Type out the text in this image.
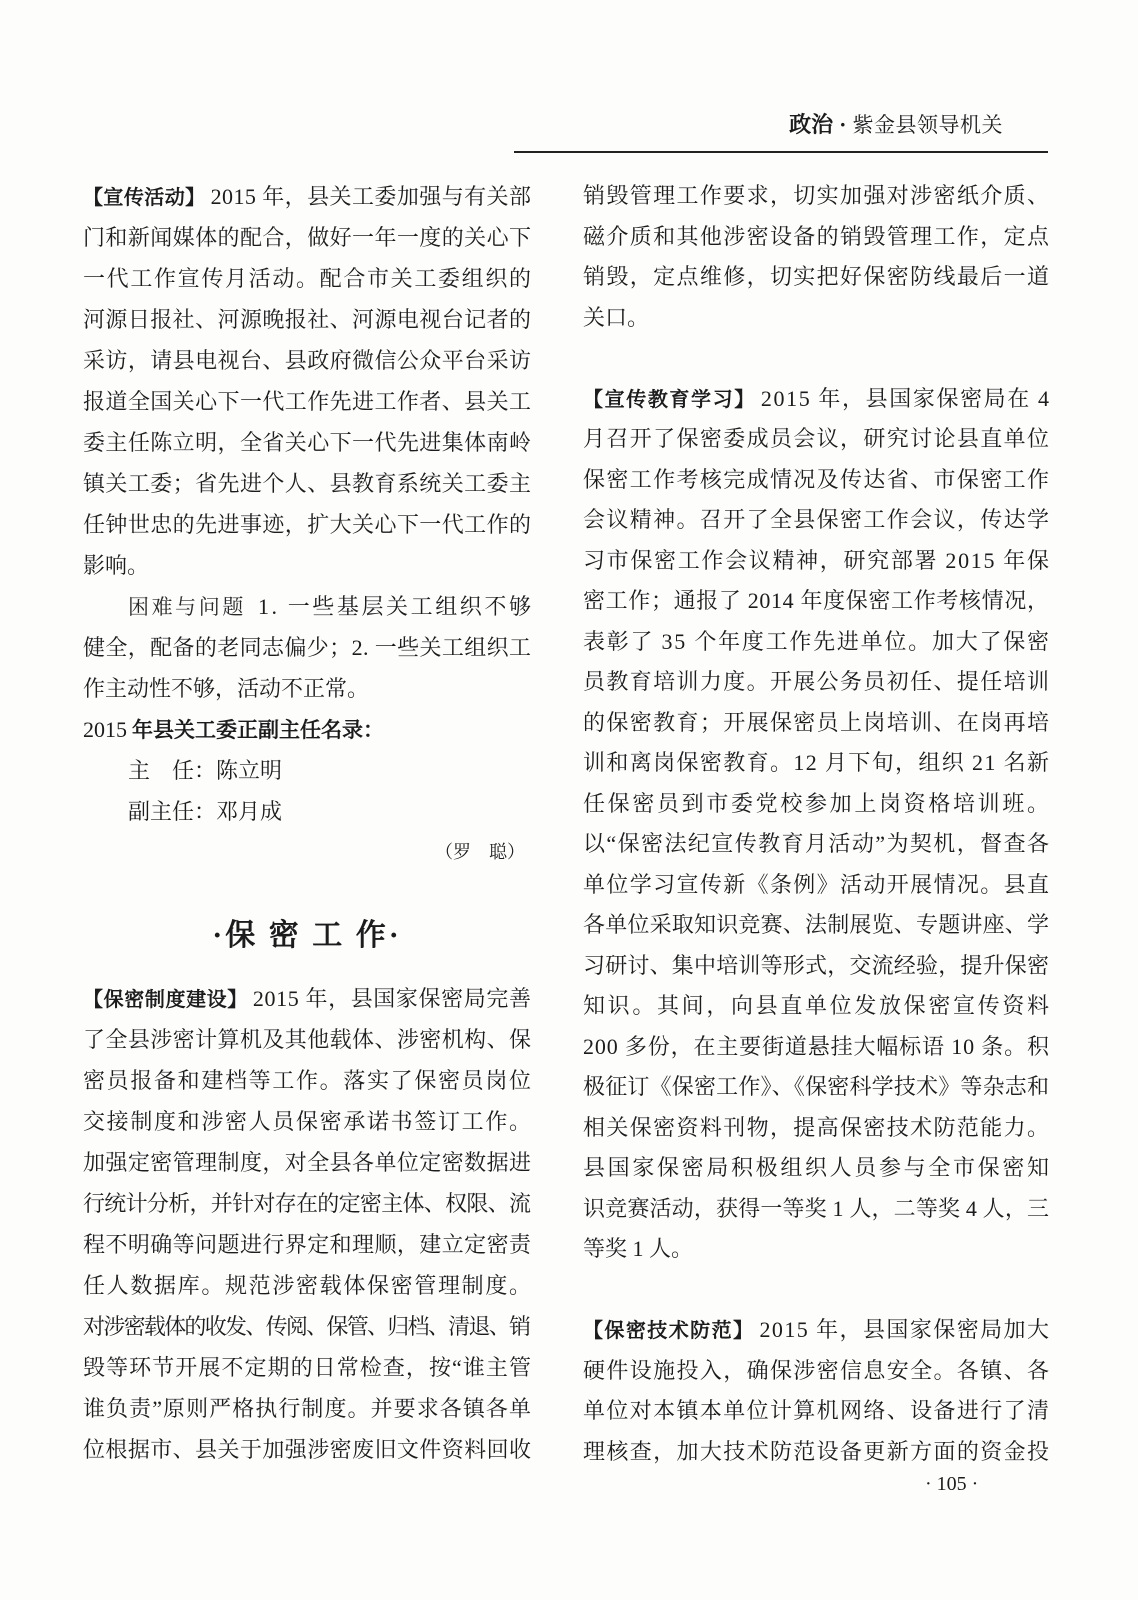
政治 · 紫金县领导机关
【宣传活动】 2015 年，县关工委加强与有关部
门和新闻媒体的配合，做好一年一度的关心下
一代工作宣传月活动。配合市关工委组织的
河源日报社、河源晚报社、河源电视台记者的
采访，请县电视台、县政府微信公众平台采访
报道全国关心下一代工作先进工作者、县关工
委主任陈立明，全省关心下一代先进集体南岭
镇关工委；省先进个人、县教育系统关工委主
任钟世忠的先进事迹，扩大关心下一代工作的
影响。
困难与问题 1. 一些基层关工组织不够
健全，配备的老同志偏少；2. 一些关工组织工
作主动性不够，活动不正常。
2015 年县关工委正副主任名录：
主　任：陈立明
副主任：邓月成
（罗　聪）
·保 密 工 作·
【保密制度建设】 2015 年，县国家保密局完善
了全县涉密计算机及其他载体、涉密机构、保
密员报备和建档等工作。落实了保密员岗位
交接制度和涉密人员保密承诺书签订工作。
加强定密管理制度，对全县各单位定密数据进
行统计分析，并针对存在的定密主体、权限、流
程不明确等问题进行界定和理顺，建立定密责
任人数据库。规范涉密载体保密管理制度。
对涉密载体的收发、传阅、保管、归档、清退、销
毁等环节开展不定期的日常检查，按“谁主管
谁负责”原则严格执行制度。并要求各镇各单
位根据市、县关于加强涉密废旧文件资料回收
销毁管理工作要求，切实加强对涉密纸介质、
磁介质和其他涉密设备的销毁管理工作，定点
销毁，定点维修，切实把好保密防线最后一道
关口。
【宣传教育学习】 2015 年，县国家保密局在 4
月召开了保密委成员会议，研究讨论县直单位
保密工作考核完成情况及传达省、市保密工作
会议精神。召开了全县保密工作会议，传达学
习市保密工作会议精神，研究部署 2015 年保
密工作；通报了 2014 年度保密工作考核情况，
表彰了 35 个年度工作先进单位。加大了保密
员教育培训力度。开展公务员初任、提任培训
的保密教育；开展保密员上岗培训、在岗再培
训和离岗保密教育。12 月下旬，组织 21 名新
任保密员到市委党校参加上岗资格培训班。
以“保密法纪宣传教育月活动”为契机，督查各
单位学习宣传新《条例》活动开展情况。县直
各单位采取知识竞赛、法制展览、专题讲座、学
习研讨、集中培训等形式，交流经验，提升保密
知识。其间，向县直单位发放保密宣传资料
200 多份，在主要街道悬挂大幅标语 10 条。积
极征订《保密工作》、《保密科学技术》等杂志和
相关保密资料刊物，提高保密技术防范能力。
县国家保密局积极组织人员参与全市保密知
识竞赛活动，获得一等奖 1 人，二等奖 4 人，三
等奖 1 人。
【保密技术防范】 2015 年，县国家保密局加大
硬件设施投入，确保涉密信息安全。各镇、各
单位对本镇本单位计算机网络、设备进行了清
理核查，加大技术防范设备更新方面的资金投
· 105 ·
